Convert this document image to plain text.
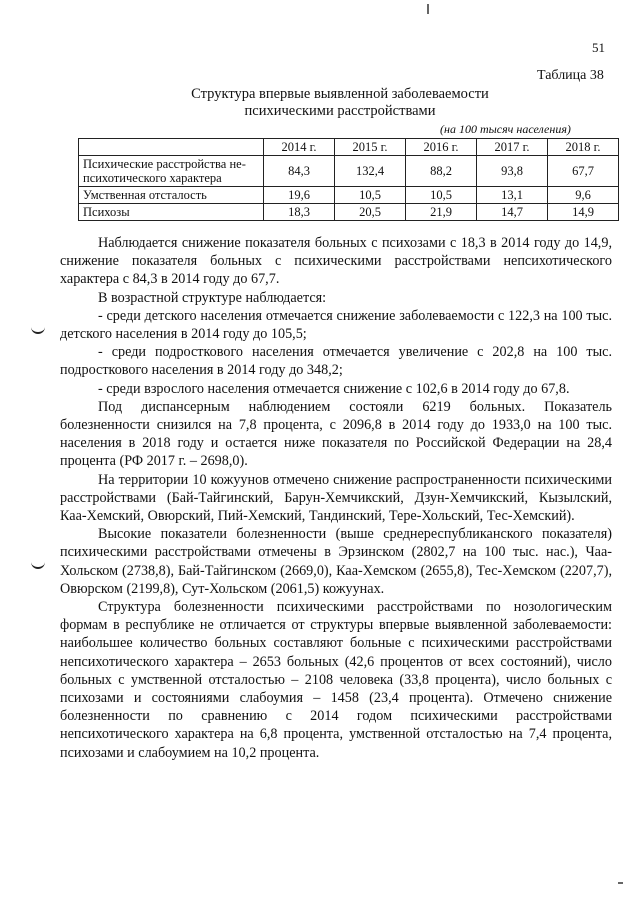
51
Таблица 38
Структура впервые выявленной заболеваемости
психическими расстройствами
(на 100 тысяч населения)
	2014 г.	2015 г.	2016 г.	2017 г.	2018 г.
Психические расстройства не-психотического характера	84,3	132,4	88,2	93,8	67,7
Умственная отсталость	19,6	10,5	10,5	13,1	9,6
Психозы	18,3	20,5	21,9	14,7	14,9

Наблюдается снижение показателя больных с психозами с 18,3 в 2014 году до 14,9, снижение показателя больных с психическими расстройствами непсихотического характера с 84,3 в 2014 году до 67,7.

В возрастной структуре наблюдается:

- среди детского населения отмечается снижение заболеваемости с 122,3 на 100 тыс. детского населения в 2014 году до 105,5;

- среди подросткового населения отмечается увеличение с 202,8 на 100 тыс. подросткового населения в 2014 году до 348,2;

- среди взрослого населения отмечается снижение с 102,6 в 2014 году до 67,8.

Под диспансерным наблюдением состояли 6219 больных. Показатель болезненности снизился на 7,8 процента, с 2096,8 в 2014 году до 1933,0 на 100 тыс. населения в 2018 году и остается ниже показателя по Российской Федерации на 28,4 процента (РФ 2017 г. – 2698,0).

На территории 10 кожуунов отмечено снижение распространенности психическими расстройствами (Бай-Тайгинский, Барун-Хемчикский, Дзун-Хемчикский, Кызылский, Каа-Хемский, Овюрский, Пий-Хемский, Тандинский, Тере-Хольский, Тес-Хемский).

Высокие показатели болезненности (выше среднереспубликанского показателя) психическими расстройствами отмечены в Эрзинском (2802,7 на 100 тыс. нас.), Чаа-Хольском (2738,8), Бай-Тайгинском (2669,0), Каа-Хемском (2655,8), Тес-Хемском (2207,7), Овюрском (2199,8), Сут-Хольском (2061,5) кожуунах.

Структура болезненности психическими расстройствами по нозологическим формам в республике не отличается от структуры впервые выявленной заболеваемости: наибольшее количество больных составляют больные с психическими расстройствами непсихотического характера – 2653 больных (42,6 процентов от всех состояний), число больных с умственной отсталостью – 2108 человека (33,8 процента), число больных с психозами и состояниями слабоумия – 1458 (23,4 процента). Отмечено снижение болезненности по сравнению с 2014 годом психическими расстройствами непсихотического характера на 6,8 процента, умственной отсталостью на 7,4 процента, психозами и слабоумием на 10,2 процента.
